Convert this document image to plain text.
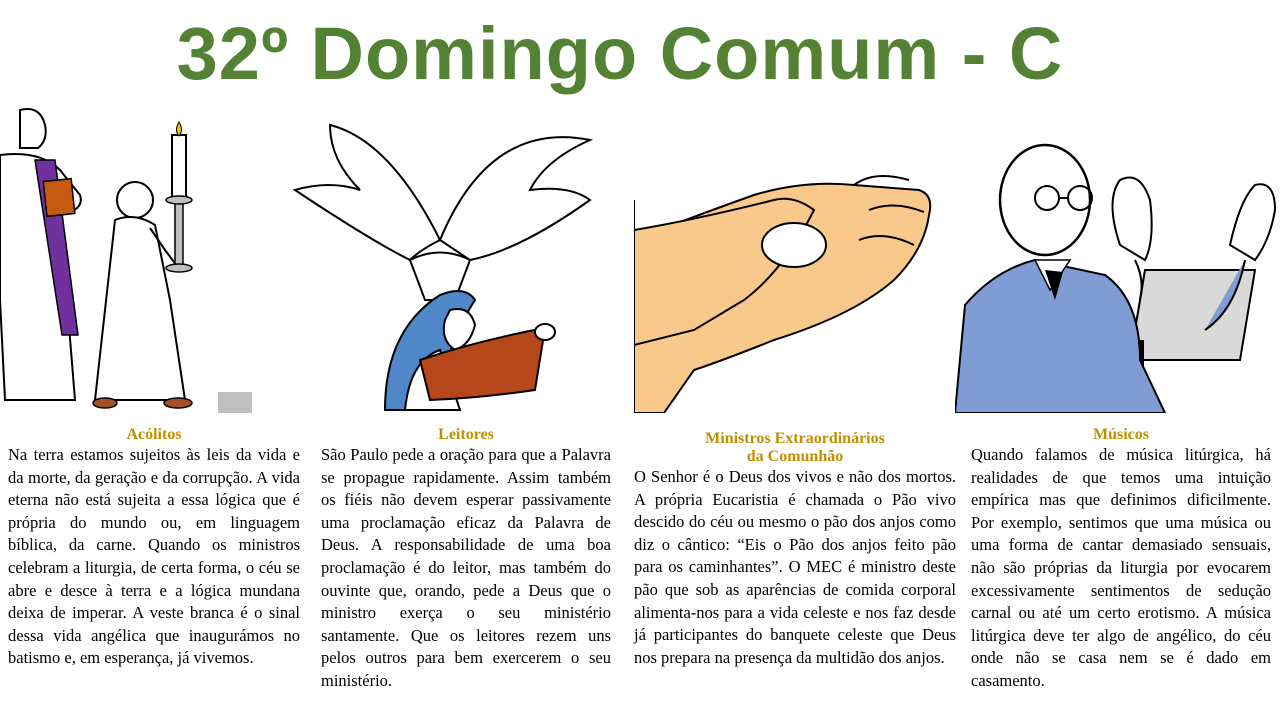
32º Domingo Comum - C
Acólitos
Na terra estamos sujeitos às leis da vida e da morte, da geração e da corrupção. A vida eterna não está sujeita a essa lógica que é própria do mundo ou, em linguagem bíblica, da carne. Quando os ministros celebram a liturgia, de certa forma, o céu se abre e desce à terra e a lógica mundana deixa de imperar. A veste branca é o sinal dessa vida angélica que inaugurámos no batismo e, em esperança, já vivemos.
Leitores
São Paulo pede a oração para que a Palavra se propague rapidamente. Assim também os fiéis não devem esperar passivamente uma proclamação eficaz da Palavra de Deus. A responsabilidade de uma boa proclamação é do leitor, mas também do ouvinte que, orando, pede a Deus que o ministro exerça o seu ministério santamente. Que os leitores rezem uns pelos outros para bem exercerem o seu ministério.
Ministros Extraordinários
da Comunhão
O Senhor é o Deus dos vivos e não dos mortos. A própria Eucaristia é chamada o Pão vivo descido do céu ou mesmo o pão dos anjos como diz o cântico: “Eis o Pão dos anjos feito pão para os caminhantes”. O MEC é ministro deste pão que sob as aparências de comida corporal alimenta-nos para a vida celeste e nos faz desde já participantes do banquete celeste que Deus nos prepara na presença da multidão dos anjos.
Músicos
Quando falamos de música litúrgica, há realidades de que temos uma intuição empírica mas que definimos dificilmente. Por exemplo, sentimos que uma música ou uma forma de cantar demasiado sensuais, não são próprias da liturgia por evocarem excessivamente sentimentos de sedução carnal ou até um certo erotismo. A música litúrgica deve ter algo de angélico, do céu onde não se casa nem se é dado em casamento.
